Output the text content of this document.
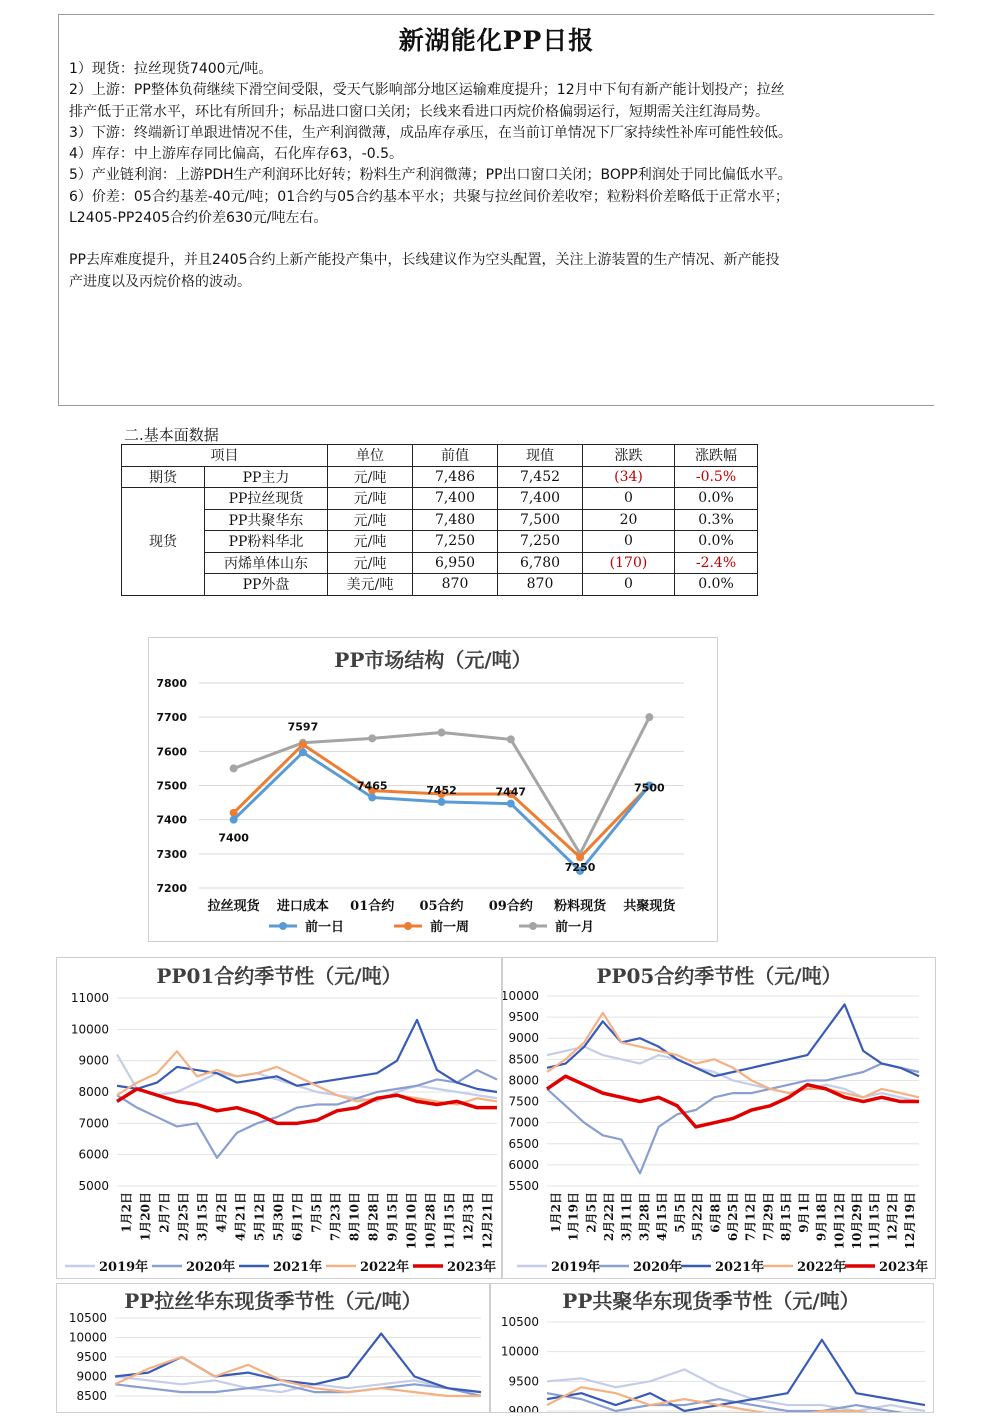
新湖能化PP日报
1）现货：拉丝现货7400元/吨。
2）上游：PP整体负荷继续下滑空间受限，受天气影响部分地区运输难度提升；12月中下旬有新产能计划投产；拉丝
排产低于正常水平，环比有所回升；标品进口窗口关闭；长线来看进口丙烷价格偏弱运行，短期需关注红海局势。
3）下游：终端新订单跟进情况不佳，生产利润微薄，成品库存承压，在当前订单情况下厂家持续性补库可能性较低。
4）库存：中上游库存同比偏高，石化库存63，-0.5。
5）产业链利润：上游PDH生产利润环比好转；粉料生产利润微薄；PP出口窗口关闭；BOPP利润处于同比偏低水平。
6）价差：05合约基差-40元/吨；01合约与05合约基本平水；共聚与拉丝间价差收窄；粒粉料价差略低于正常水平；
L2405-PP2405合约价差630元/吨左右。
PP去库难度提升，并且2405合约上新产能投产集中，长线建议作为空头配置，关注上游装置的生产情况、新产能投
产进度以及丙烷价格的波动。
二.基本面数据
项目		单位	前值	现值	涨跌	涨跌幅
期货	PP主力	元/吨	7,486	7,452	(34)	-0.5%
现货	PP拉丝现货	元/吨	7,400	7,400	0	0.0%
	PP共聚华东	元/吨	7,480	7,500	20	0.3%
	PP粉料华北	元/吨	7,250	7,250	0	0.0%
	丙烯单体山东	元/吨	6,950	6,780	(170)	-2.4%
	PP外盘	美元/吨	870	870	0	0.0%
PP市场结构（元/吨）
7200
7300
7400
7500
7600
7700
7800
拉丝现货 进口成本 01合约 05合约 09合约 粉料现货 共聚现货
7400
7597
7465	7452	7447
7250
7500
前一日	前一周	前一月
PP01合约季节性（元/吨）
5000
6000
7000
8000
9000
10000
11000
1月2日 1月20日 2月7日 2月25日 3月15日 4月2日 4月21日 5月12日 5月30日 6月17日 7月5日 7月23日 8月10日 8月28日 9月15日 10月10日 10月28日 11月15日 12月3日 12月21日
2019年	2020年	2021年	2022年	2023年
PP05合约季节性（元/吨）
5500
6000
6500
7000
7500
8000
8500
9000
9500
10000
1月2日 1月19日 2月5日 2月22日 3月11日 3月28日 4月15日 5月5日 5月22日 6月8日 6月25日 7月12日 7月29日 8月15日 9月1日 9月18日 10月12日 10月29日 11月15日 12月2日 12月19日
2019年	2020年	2021年	2022年	2023年
PP拉丝华东现货季节性（元/吨）
8500
9000
9500
10000
10500
PP共聚华东现货季节性（元/吨）
9000
9500
10000
10500
